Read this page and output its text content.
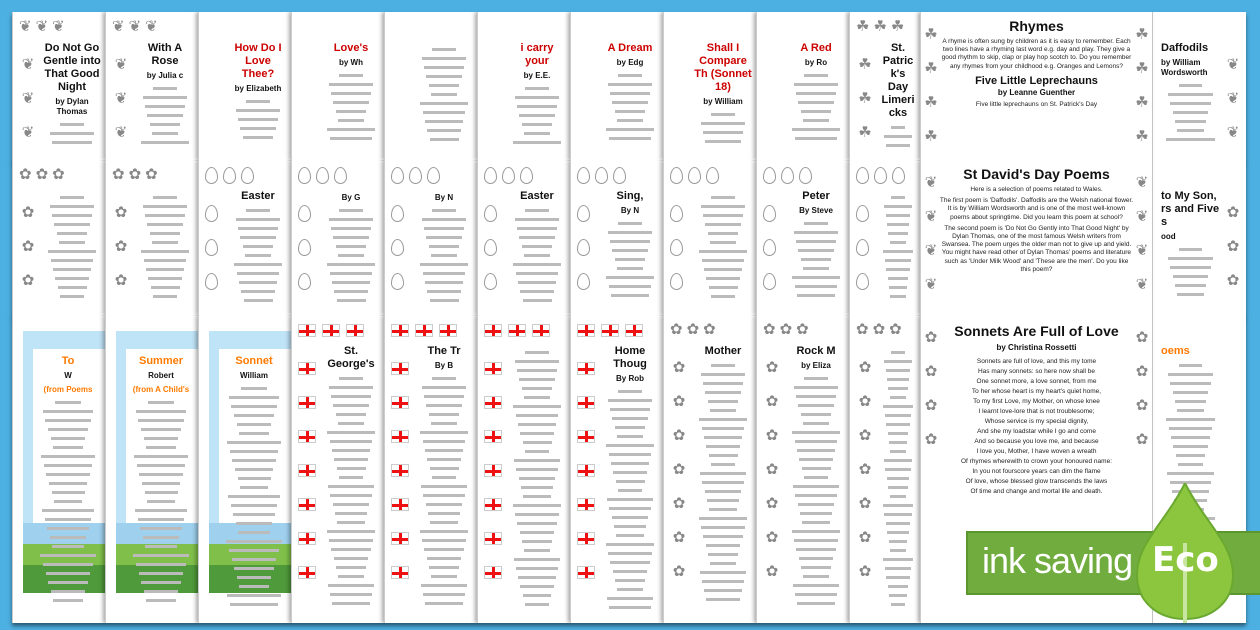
❦❦❦
❦
❦
❦
Do Not Go Gentle into That Good Night
by Dylan Thomas
❦❦❦
❦
❦
❦
With A Rose
by Julia c
How Do I Love Thee?
by Elizabeth
Love's
by Wh
i carry your
by E.E.
A Dream
by Edg
Shall I Compare Th (Sonnet 18)
by William
A Red
by Ro
☘☘☘
☘
☘
☘
St. Patrick's Day Limericks
❦
❦
❦
Daffodils
by William Wordsworth
☘
☘
☘
☘
☘
☘
☘
☘
Rhymes
A rhyme is often sung by children as it is easy to remember. Each two lines have a rhyming last word e.g. day and play. They give a good rhythm to skip, clap or play hop scotch to. Do you remember any rhymes from your childhood e.g. Oranges and Lemons?
Five Little Leprechauns
by Leanne Guenther
Five little leprechauns on St. Patrick's Day
✿✿✿
✿
✿
✿
✿✿✿
✿
✿
✿

Easter	By G	By N	Easter	Sing,
By N

Peter
By Steve	✿
✿
✿
to My Son, rs and Five s
ood
❦
❦
❦
❦
❦
❦
❦
❦
St David's Day Poems
Here is a selection of poems related to Wales.
The first poem is 'Daffodils'. Daffodils are the Welsh national flower. It is by William Wordsworth and is one of the most well-known poems about springtime. Did you learn this poem at school?
The second poem is 'Do Not Go Gently into That Good Night' by Dylan Thomas, one of the most famous Welsh writers from Swansea. The poem urges the older man not to give up and yield. You might have read other of Dylan Thomas' poems and literature such as 'Under Milk Wood' and 'These are the men'. Do you like this poem?
To
W
(from Poems
Summer
Robert
(from A Child's
Sonnet
William

St. George's

The Tr
By B

Home Thoug
By Rob
✿✿✿
✿
✿
✿
✿
✿
✿
✿
Mother
✿✿✿
✿
✿
✿
✿
✿
✿
✿
Rock M
by Eliza
✿✿✿
✿
✿
✿
✿
✿
✿
✿
oems
✿
✿
✿
✿
✿
✿
✿
✿
Sonnets Are Full of Love
by Christina Rossetti
Sonnets are full of love, and this my tome
Has many sonnets: so here now shall be
One sonnet more, a love sonnet, from me
To her whose heart is my heart's quiet home,
To my first Love, my Mother, on whose knee
I learnt love-lore that is not troublesome;
Whose service is my special dignity,
And she my loadstar while I go and come
And so because you love me, and because
I love you, Mother, I have woven a wreath
Of rhymes wherewith to crown your honoured name:
In you not fourscore years can dim the flame
Of love, whose blessed glow transcends the laws
Of time and change and mortal life and death.
ink saving Eco
